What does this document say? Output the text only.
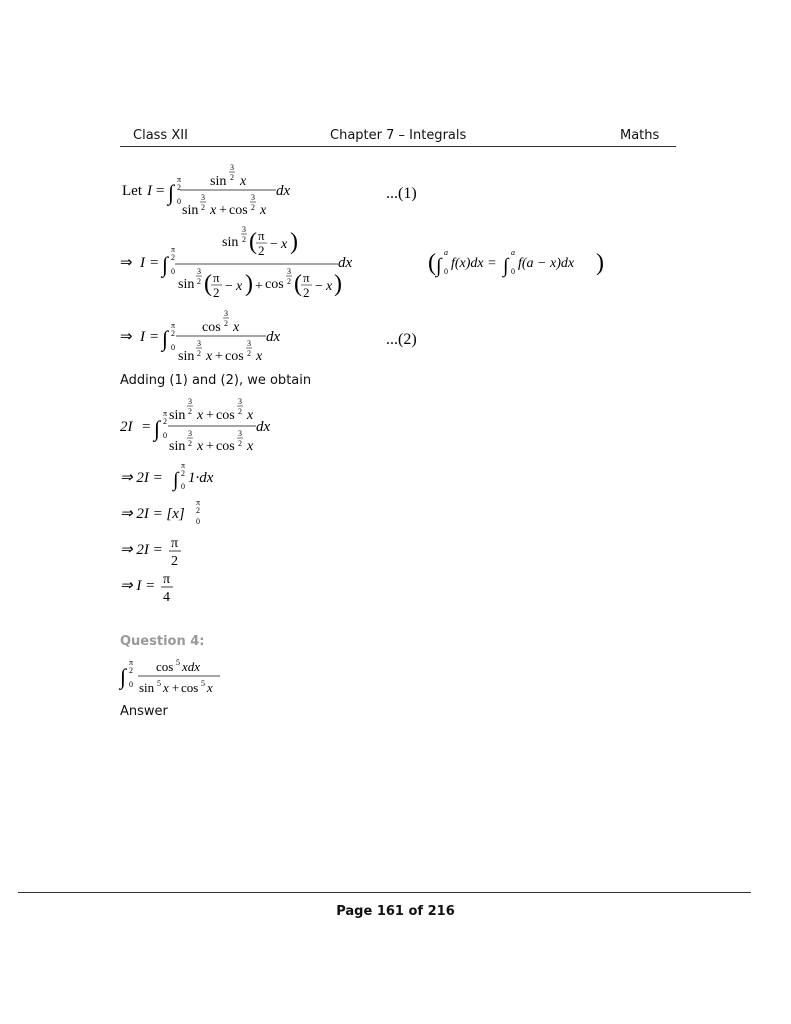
Class XII	Chapter 7 – Integrals	Maths
Let I = ∫
π
2
0
sin
3
2 x
sin
3
2 x + cos
3
2 x
dx	...(1)
⇒ I = ∫
π
2
0
sin
3
2 ( π
2 − x )
sin
3
2 ( π
2 − x ) + cos
3
2 ( π
2 − x )
dx	( ∫
a
0
f(x)dx = ∫
a
0
f(a − x)dx )
⇒ I = ∫
π
2
0
cos
3
2 x
sin
3
2 x + cos
3
2 x
dx	...(2)
Adding (1) and (2), we obtain
2I = ∫
π
2
0
sin
3
2 x + cos
3
2 x
sin
3
2 x + cos
3
2 x
dx
⇒ 2I = ∫
π
2
0
1·dx
⇒ 2I = [x]
π
2
0
⇒ 2I = π
2
⇒ I = π
4
Question 4:
∫
π
2
0
cos 5 xdx
sin 5 x + cos 5 x
Answer
Page 161 of 216
